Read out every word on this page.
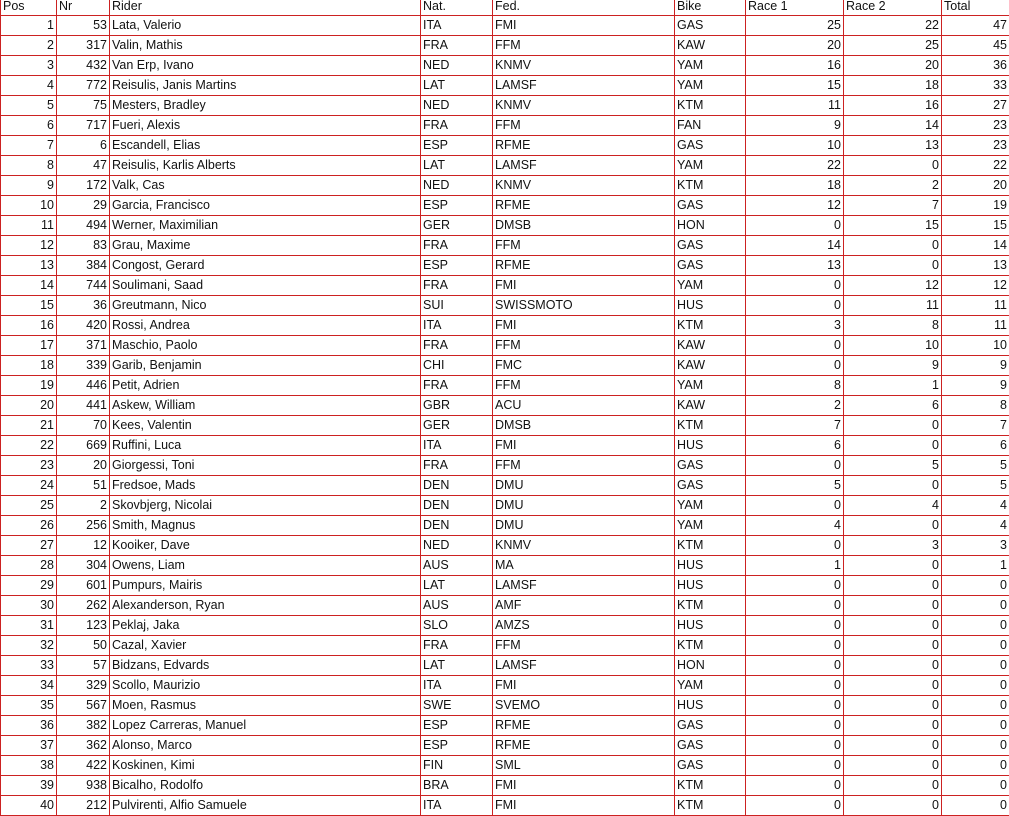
Pos	Nr	Rider	Nat.	Fed.	Bike	Race 1	Race 2	Total
1	53	Lata, Valerio	ITA	FMI	GAS	25	22	47
2	317	Valin, Mathis	FRA	FFM	KAW	20	25	45
3	432	Van Erp, Ivano	NED	KNMV	YAM	16	20	36
4	772	Reisulis, Janis Martins	LAT	LAMSF	YAM	15	18	33
5	75	Mesters, Bradley	NED	KNMV	KTM	11	16	27
6	717	Fueri, Alexis	FRA	FFM	FAN	9	14	23
7	6	Escandell, Elias	ESP	RFME	GAS	10	13	23
8	47	Reisulis, Karlis Alberts	LAT	LAMSF	YAM	22	0	22
9	172	Valk, Cas	NED	KNMV	KTM	18	2	20
10	29	Garcia, Francisco	ESP	RFME	GAS	12	7	19
11	494	Werner, Maximilian	GER	DMSB	HON	0	15	15
12	83	Grau, Maxime	FRA	FFM	GAS	14	0	14
13	384	Congost, Gerard	ESP	RFME	GAS	13	0	13
14	744	Soulimani, Saad	FRA	FMI	YAM	0	12	12
15	36	Greutmann, Nico	SUI	SWISSMOTO	HUS	0	11	11
16	420	Rossi, Andrea	ITA	FMI	KTM	3	8	11
17	371	Maschio, Paolo	FRA	FFM	KAW	0	10	10
18	339	Garib, Benjamin	CHI	FMC	KAW	0	9	9
19	446	Petit, Adrien	FRA	FFM	YAM	8	1	9
20	441	Askew, William	GBR	ACU	KAW	2	6	8
21	70	Kees, Valentin	GER	DMSB	KTM	7	0	7
22	669	Ruffini, Luca	ITA	FMI	HUS	6	0	6
23	20	Giorgessi, Toni	FRA	FFM	GAS	0	5	5
24	51	Fredsoe, Mads	DEN	DMU	GAS	5	0	5
25	2	Skovbjerg, Nicolai	DEN	DMU	YAM	0	4	4
26	256	Smith, Magnus	DEN	DMU	YAM	4	0	4
27	12	Kooiker, Dave	NED	KNMV	KTM	0	3	3
28	304	Owens, Liam	AUS	MA	HUS	1	0	1
29	601	Pumpurs, Mairis	LAT	LAMSF	HUS	0	0	0
30	262	Alexanderson, Ryan	AUS	AMF	KTM	0	0	0
31	123	Peklaj, Jaka	SLO	AMZS	HUS	0	0	0
32	50	Cazal, Xavier	FRA	FFM	KTM	0	0	0
33	57	Bidzans, Edvards	LAT	LAMSF	HON	0	0	0
34	329	Scollo, Maurizio	ITA	FMI	YAM	0	0	0
35	567	Moen, Rasmus	SWE	SVEMO	HUS	0	0	0
36	382	Lopez Carreras, Manuel	ESP	RFME	GAS	0	0	0
37	362	Alonso, Marco	ESP	RFME	GAS	0	0	0
38	422	Koskinen, Kimi	FIN	SML	GAS	0	0	0
39	938	Bicalho, Rodolfo	BRA	FMI	KTM	0	0	0
40	212	Pulvirenti, Alfio Samuele	ITA	FMI	KTM	0	0	0
